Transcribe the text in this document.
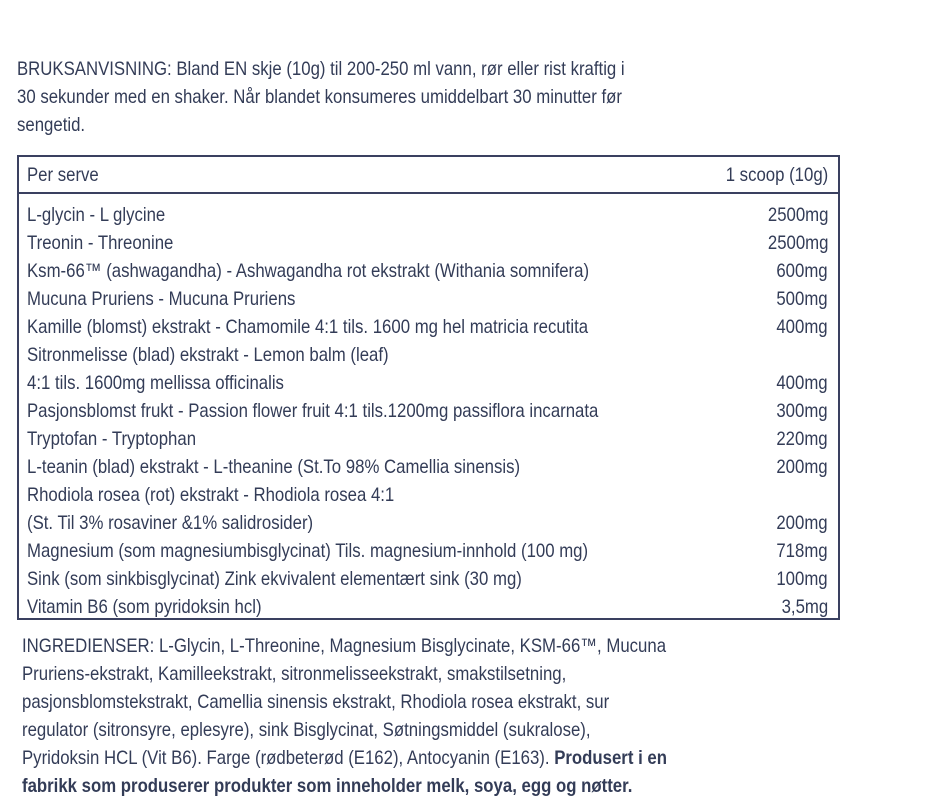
BRUKSANVISNING: Bland EN skje (10g) til 200-250 ml vann, rør eller rist kraftig i
30 sekunder med en shaker. Når blandet konsumeres umiddelbart 30 minutter før
sengetid.
Per serve	1 scoop (10g)
L-glycin - L glycine	2500mg
Treonin - Threonine	2500mg
Ksm-66™ (ashwagandha) - Ashwagandha rot ekstrakt (Withania somnifera)	600mg
Mucuna Pruriens - Mucuna Pruriens	500mg
Kamille (blomst) ekstrakt - Chamomile 4:1 tils. 1600 mg hel matricia recutita	400mg
Sitronmelisse (blad) ekstrakt - Lemon balm (leaf)
4:1 tils. 1600mg mellissa officinalis	400mg
Pasjonsblomst frukt - Passion flower fruit 4:1 tils.1200mg passiflora incarnata	300mg
Tryptofan - Tryptophan	220mg
L-teanin (blad) ekstrakt - L-theanine (St.To 98% Camellia sinensis)	200mg
Rhodiola rosea (rot) ekstrakt - Rhodiola rosea 4:1
(St. Til 3% rosaviner &1% salidrosider)	200mg
Magnesium (som magnesiumbisglycinat) Tils. magnesium-innhold (100 mg)	718mg
Sink (som sinkbisglycinat) Zink ekvivalent elementært sink (30 mg)	100mg
Vitamin B6 (som pyridoksin hcl)	3,5mg
INGREDIENSER: L-Glycin, L-Threonine, Magnesium Bisglycinate, KSM-66™, Mucuna
Pruriens-ekstrakt, Kamilleekstrakt, sitronmelisseekstrakt, smakstilsetning,
pasjonsblomstekstrakt, Camellia sinensis ekstrakt, Rhodiola rosea ekstrakt, sur
regulator (sitronsyre, eplesyre), sink Bisglycinat, Søtningsmiddel (sukralose),
Pyridoksin HCL (Vit B6). Farge (rødbeterød (E162), Antocyanin (E163). Produsert i en
fabrikk som produserer produkter som inneholder melk, soya, egg og nøtter.
